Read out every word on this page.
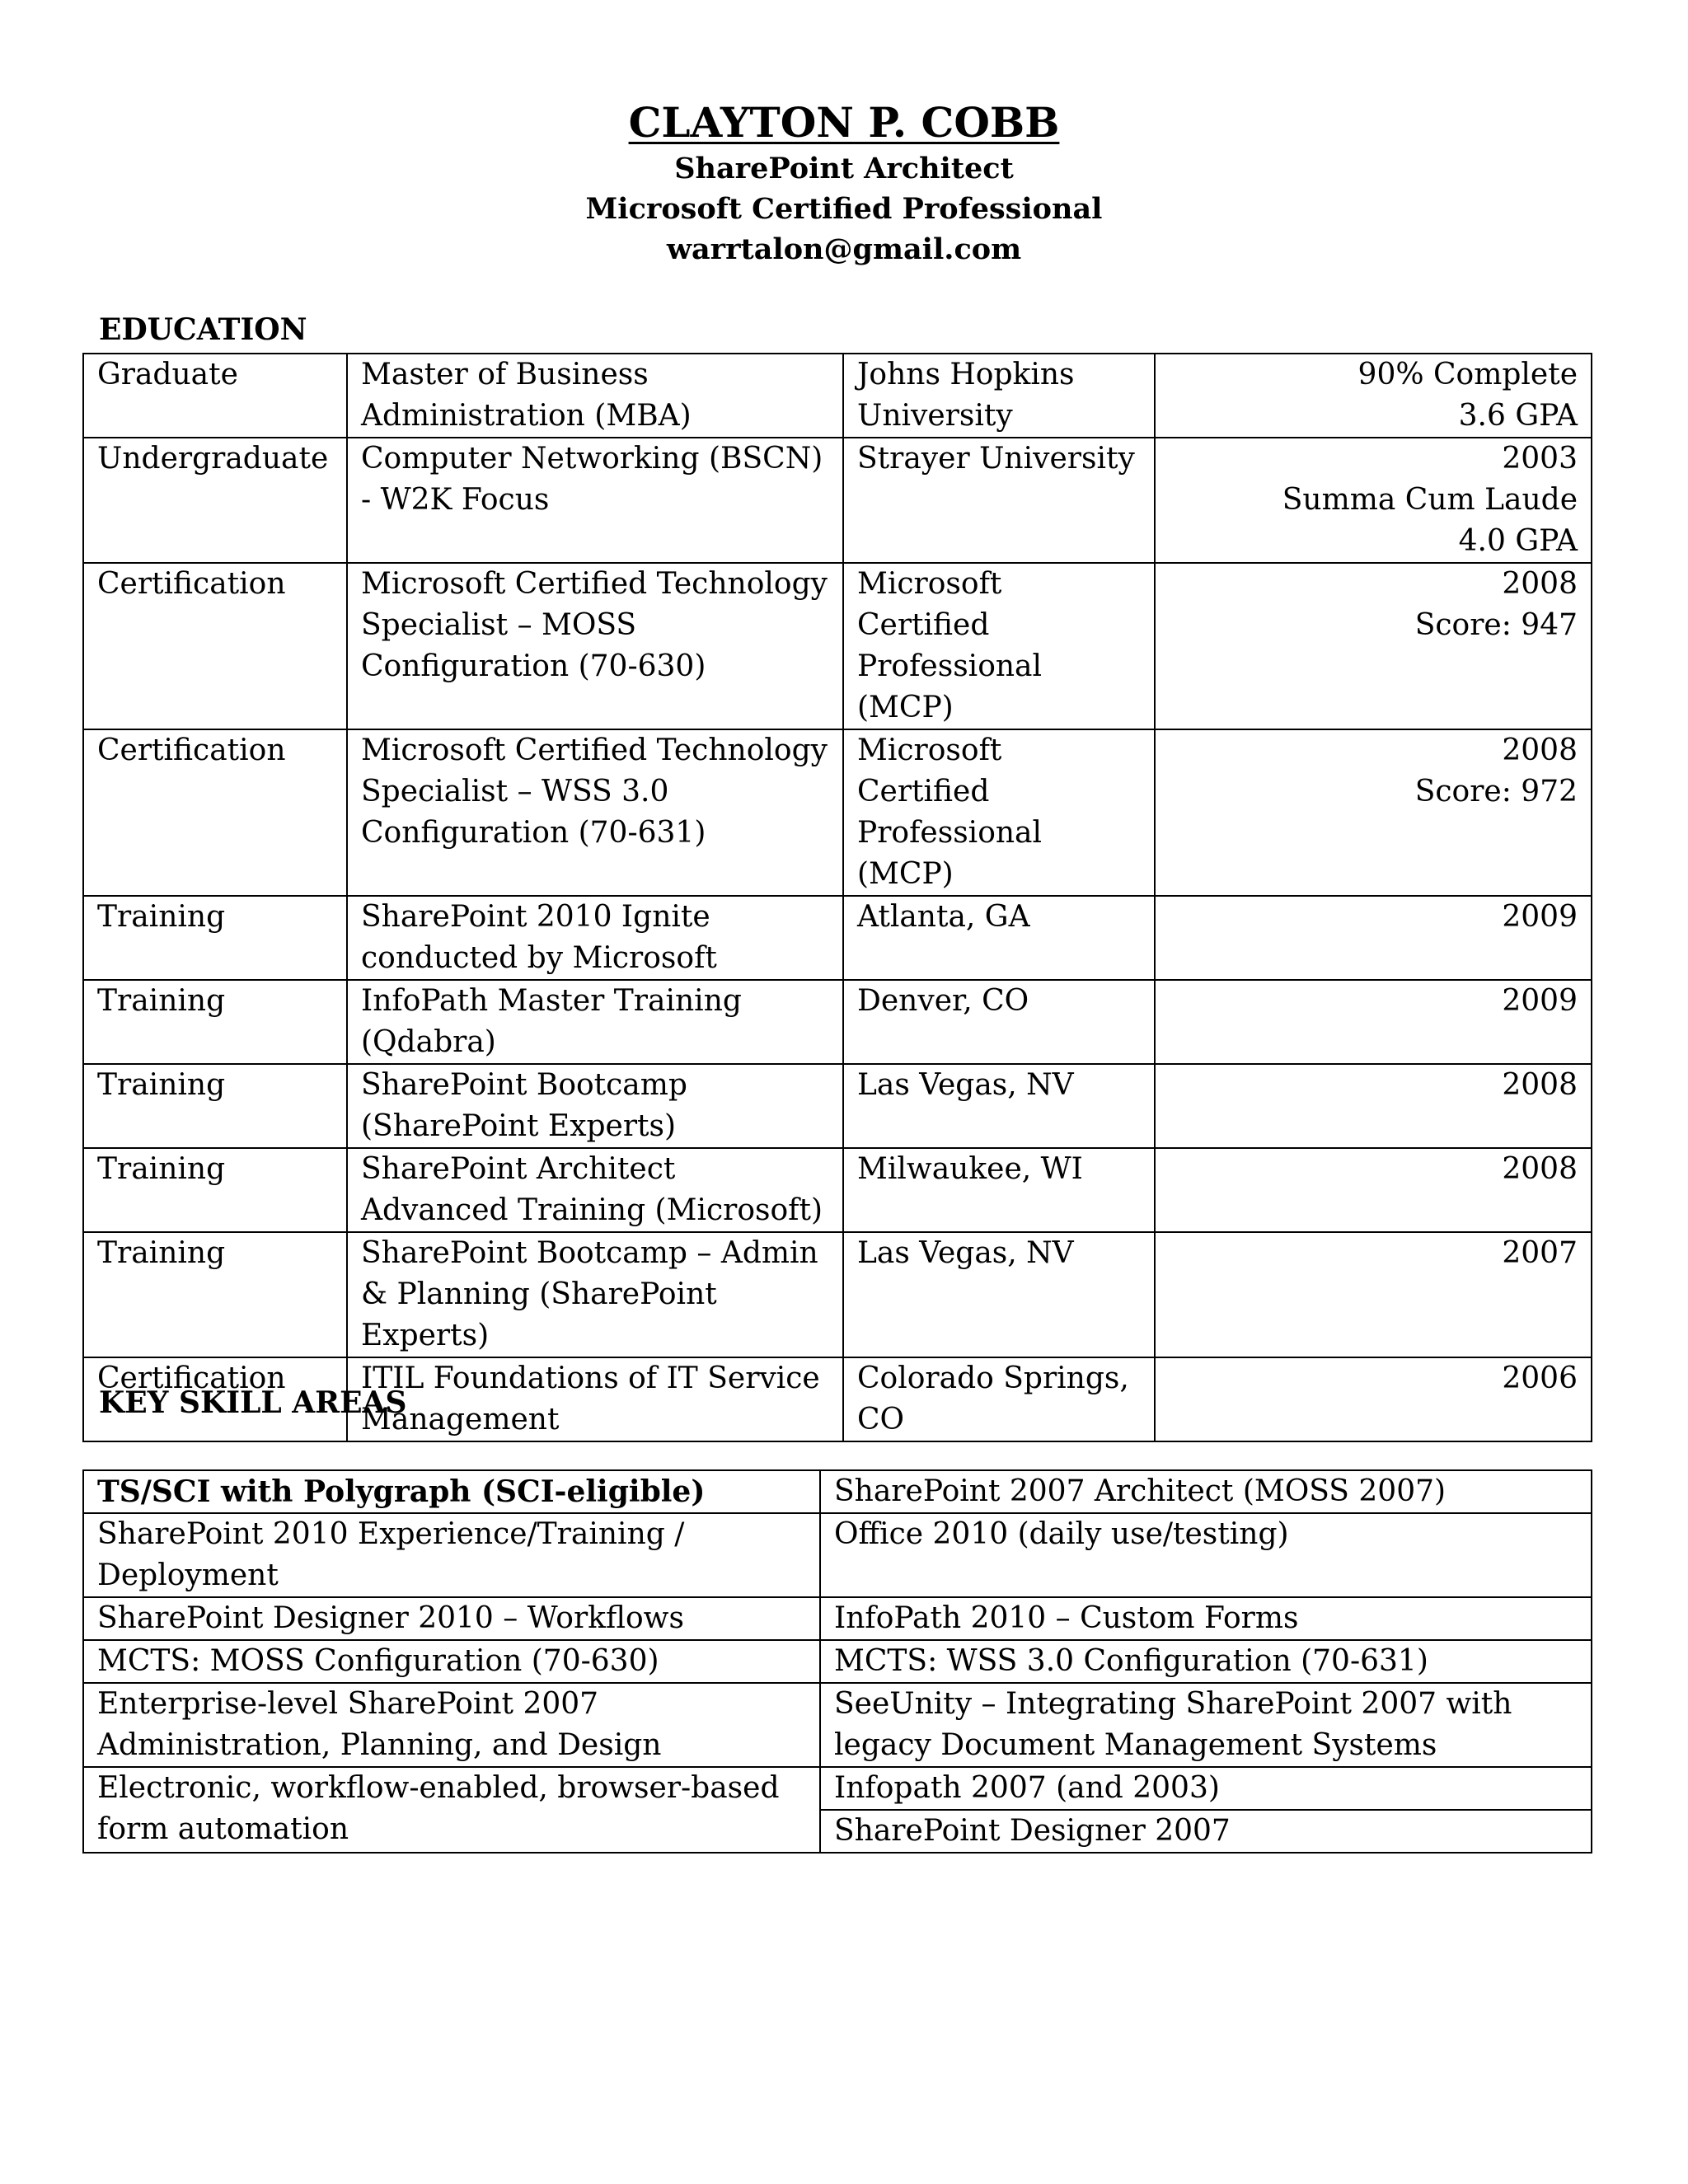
CLAYTON P. COBB
SharePoint Architect
Microsoft Certified Professional
warrtalon@gmail.com
EDUCATION
Graduate	Master of Business Administration (MBA)	Johns Hopkins University	90% Complete
3.6 GPA

Undergraduate	Computer Networking (BSCN) - W2K Focus	Strayer University	2003
Summa Cum Laude
4.0 GPA

Certification	Microsoft Certified Technology Specialist – MOSS Configuration (70-630)	Microsoft Certified Professional (MCP)	2008
Score: 947

Certification	Microsoft Certified Technology Specialist – WSS 3.0 Configuration (70-631)	Microsoft Certified Professional (MCP)	2008
Score: 972

Training	SharePoint 2010 Ignite conducted by Microsoft	Atlanta, GA	2009

Training	InfoPath Master Training (Qdabra)	Denver, CO	2009

Training	SharePoint Bootcamp (SharePoint Experts)	Las Vegas, NV	2008

Training	SharePoint Architect Advanced Training (Microsoft)	Milwaukee, WI	2008

Training	SharePoint Bootcamp – Admin & Planning (SharePoint Experts)	Las Vegas, NV	2007

Certification	ITIL Foundations of IT Service Management	Colorado Springs, CO	2006
KEY SKILL AREAS
TS/SCI with Polygraph (SCI-eligible)	SharePoint 2007 Architect (MOSS 2007)
SharePoint 2010 Experience/Training / Deployment	Office 2010 (daily use/testing)
SharePoint Designer 2010 – Workflows	InfoPath 2010 – Custom Forms
MCTS: MOSS Configuration (70-630)	MCTS: WSS 3.0 Configuration (70-631)
Enterprise-level SharePoint 2007 Administration, Planning, and Design	SeeUnity – Integrating SharePoint 2007 with legacy Document Management Systems
Electronic, workflow-enabled, browser-based form automation	Infopath 2007 (and 2003)
	SharePoint Designer 2007
